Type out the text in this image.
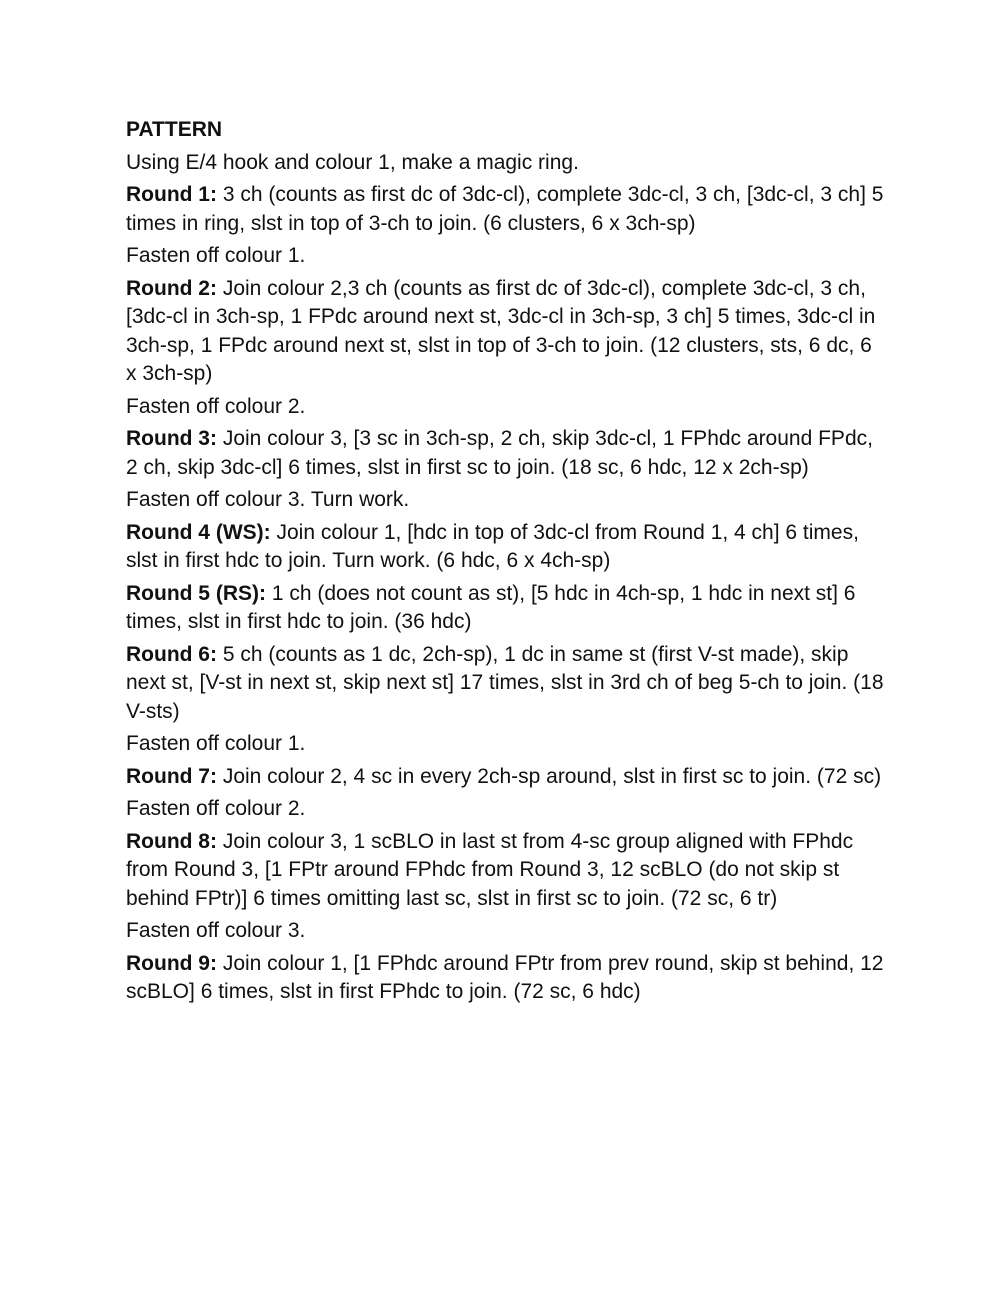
PATTERN
Using E/4 hook and colour 1, make a magic ring.
Round 1: 3 ch (counts as first dc of 3dc-cl), complete 3dc-cl, 3 ch, [3dc-cl, 3 ch] 5 times in ring, slst in top of 3-ch to join. (6 clusters, 6 x 3ch-sp)
Fasten off colour 1.
Round 2: Join colour 2,3 ch (counts as first dc of 3dc-cl), complete 3dc-cl, 3 ch, [3dc-cl in 3ch-sp, 1 FPdc around next st, 3dc-cl in 3ch-sp, 3 ch] 5 times, 3dc-cl in 3ch-sp, 1 FPdc around next st, slst in top of 3-ch to join. (12 clusters, sts, 6 dc, 6 x 3ch-sp)
Fasten off colour 2.
Round 3: Join colour 3, [3 sc in 3ch-sp, 2 ch, skip 3dc-cl, 1 FPhdc around FPdc, 2 ch, skip 3dc-cl] 6 times, slst in first sc to join. (18 sc, 6 hdc, 12 x 2ch-sp)
Fasten off colour 3. Turn work.
Round 4 (WS): Join colour 1, [hdc in top of 3dc-cl from Round 1, 4 ch] 6 times, slst in first hdc to join. Turn work. (6 hdc, 6 x 4ch-sp)
Round 5 (RS): 1 ch (does not count as st), [5 hdc in 4ch-sp, 1 hdc in next st] 6 times, slst in first hdc to join. (36 hdc)
Round 6: 5 ch (counts as 1 dc, 2ch-sp), 1 dc in same st (first V-st made), skip next st, [V-st in next st, skip next st] 17 times, slst in 3rd ch of beg 5-ch to join. (18 V-sts)
Fasten off colour 1.
Round 7: Join colour 2, 4 sc in every 2ch-sp around, slst in first sc to join. (72 sc)
Fasten off colour 2.
Round 8: Join colour 3, 1 scBLO in last st from 4-sc group aligned with FPhdc from Round 3, [1 FPtr around FPhdc from Round 3, 12 scBLO (do not skip st behind FPtr)] 6 times omitting last sc, slst in first sc to join. (72 sc, 6 tr)
Fasten off colour 3.
Round 9: Join colour 1, [1 FPhdc around FPtr from prev round, skip st behind, 12 scBLO] 6 times, slst in first FPhdc to join. (72 sc, 6 hdc)
